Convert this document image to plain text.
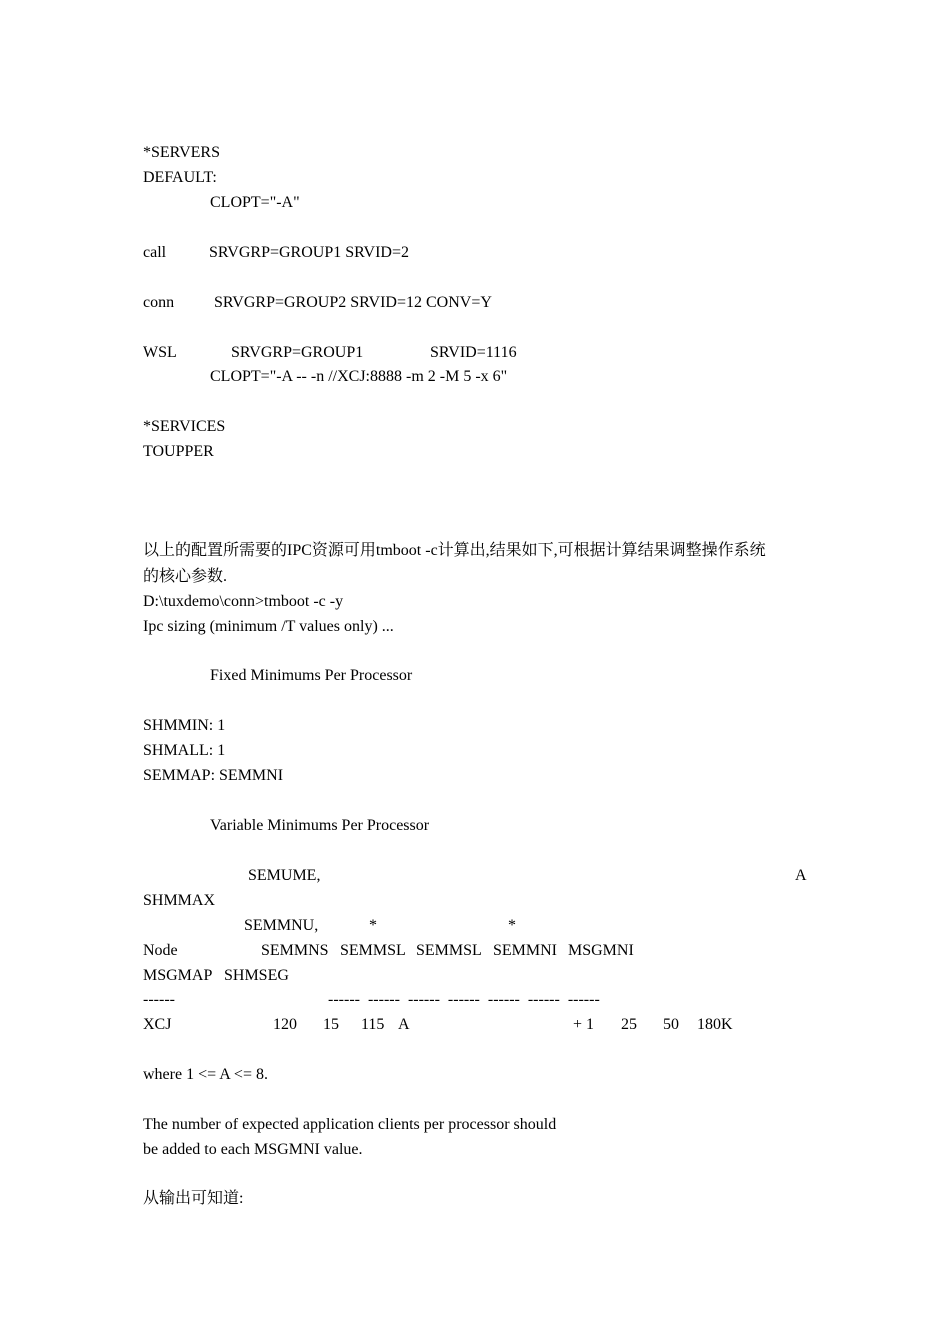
*SERVERS
DEFAULT:
CLOPT="-A"
call	SRVGRP=GROUP1 SRVID=2
conn SRVGRP=GROUP2 SRVID=12 CONV=Y
WSL	SRVGRP=GROUP1	SRVID=1116
CLOPT="-A -- -n //XCJ:8888 -m 2 -M 5 -x 6"
*SERVICES
TOUPPER
以上的配置所需要的IPC资源可用tmboot -c计算出,结果如下,可根据计算结果调整操作系统
的核心参数.
D:\tuxdemo\conn>tmboot -c -y
Ipc sizing (minimum /T values only) ...
Fixed Minimums Per Processor
SHMMIN: 1
SHMALL: 1
SEMMAP: SEMMNI
Variable Minimums Per Processor
SEMUME,	A
SHMMAX
SEMMNU,	*	*
Node	SEMMNS SEMMSL SEMMSL SEMMNI MSGMNI
MSGMAP SHMSEG
------	------  ------  ------  ------  ------  ------  ------
XCJ	120 15 115 A	+ 1 25 50 180K
where 1 <= A <= 8.
The number of expected application clients per processor should
be added to each MSGMNI value.
从输出可知道:
